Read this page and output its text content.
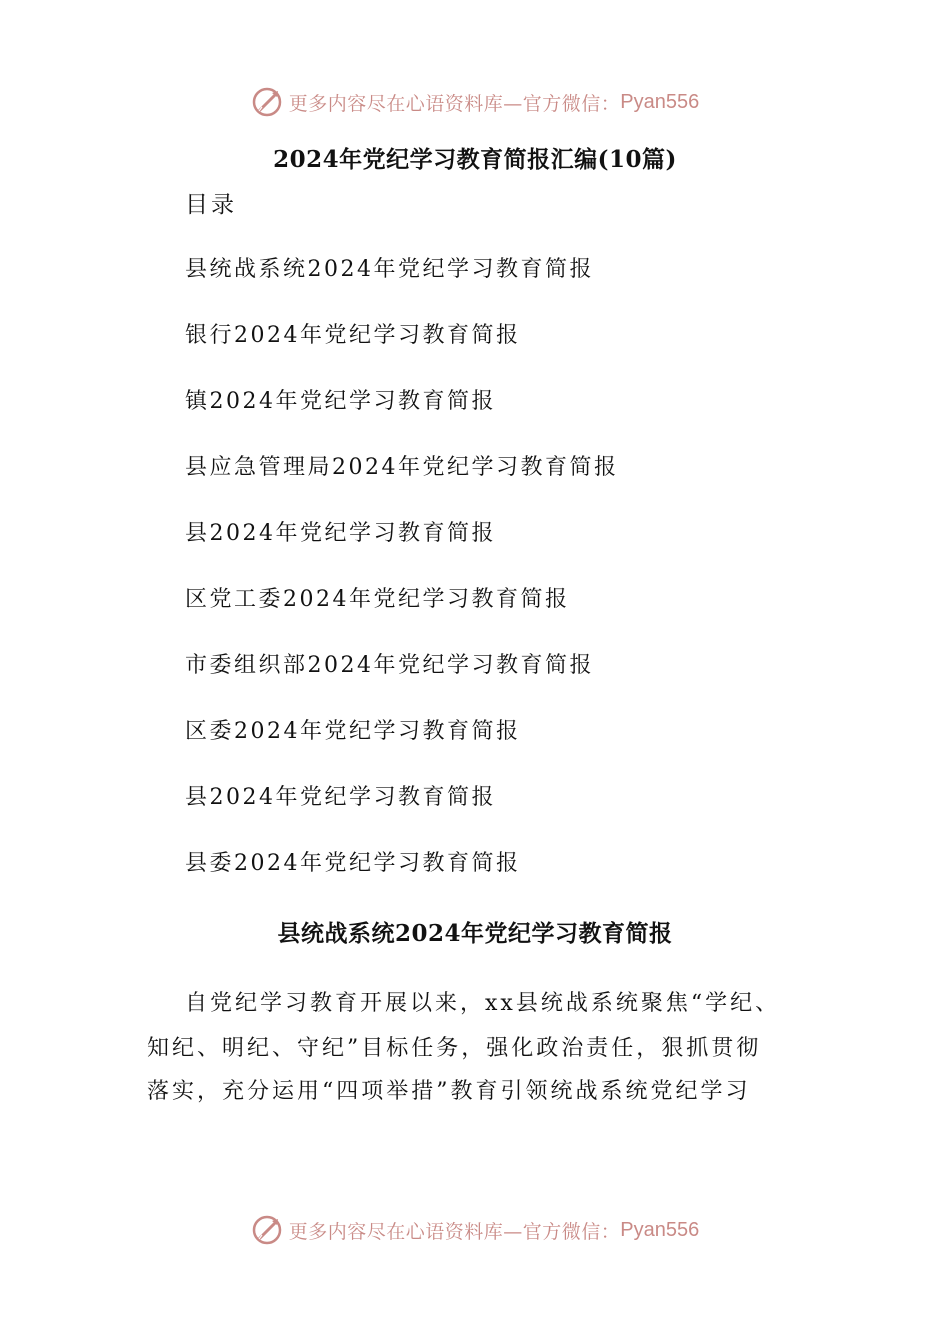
更多内容尽在心语资料库—官方微信： Pyan556
2024年党纪学习教育简报汇编(10篇)
目录
县统战系统2024年党纪学习教育简报
银行2024年党纪学习教育简报
镇2024年党纪学习教育简报
县应急管理局2024年党纪学习教育简报
县2024年党纪学习教育简报
区党工委2024年党纪学习教育简报
市委组织部2024年党纪学习教育简报
区委2024年党纪学习教育简报
县2024年党纪学习教育简报
县委2024年党纪学习教育简报
县统战系统2024年党纪学习教育简报
自党纪学习教育开展以来，xx县统战系统聚焦“学纪、
知纪、明纪、守纪”目标任务，强化政治责任，狠抓贯彻
落实，充分运用“四项举措”教育引领统战系统党纪学习
更多内容尽在心语资料库—官方微信： Pyan556
